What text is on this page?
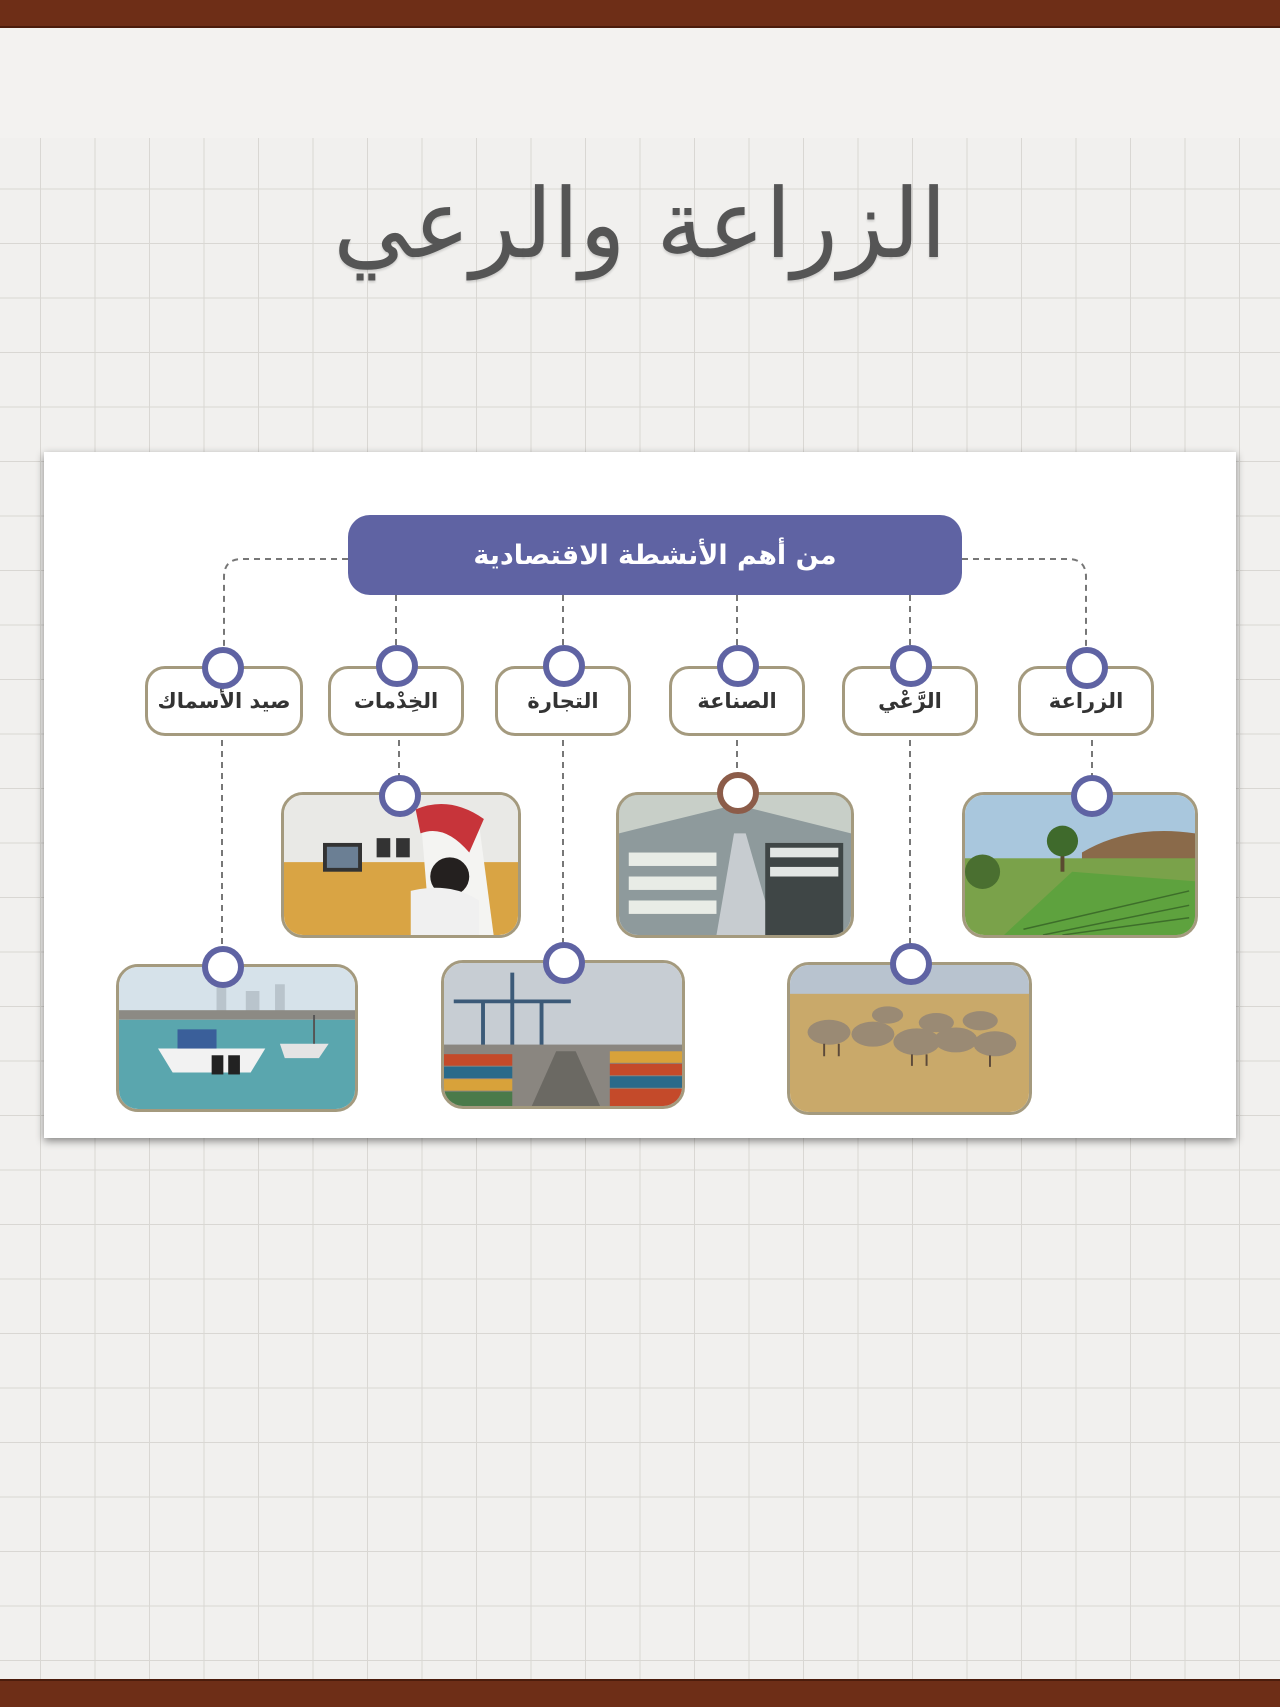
الزراعة والرعي
من أهم الأنشطة الاقتصادية
الزراعة
الرَّعْي
الصناعة
التجارة
الخِدْمات
صيد الأسماك
